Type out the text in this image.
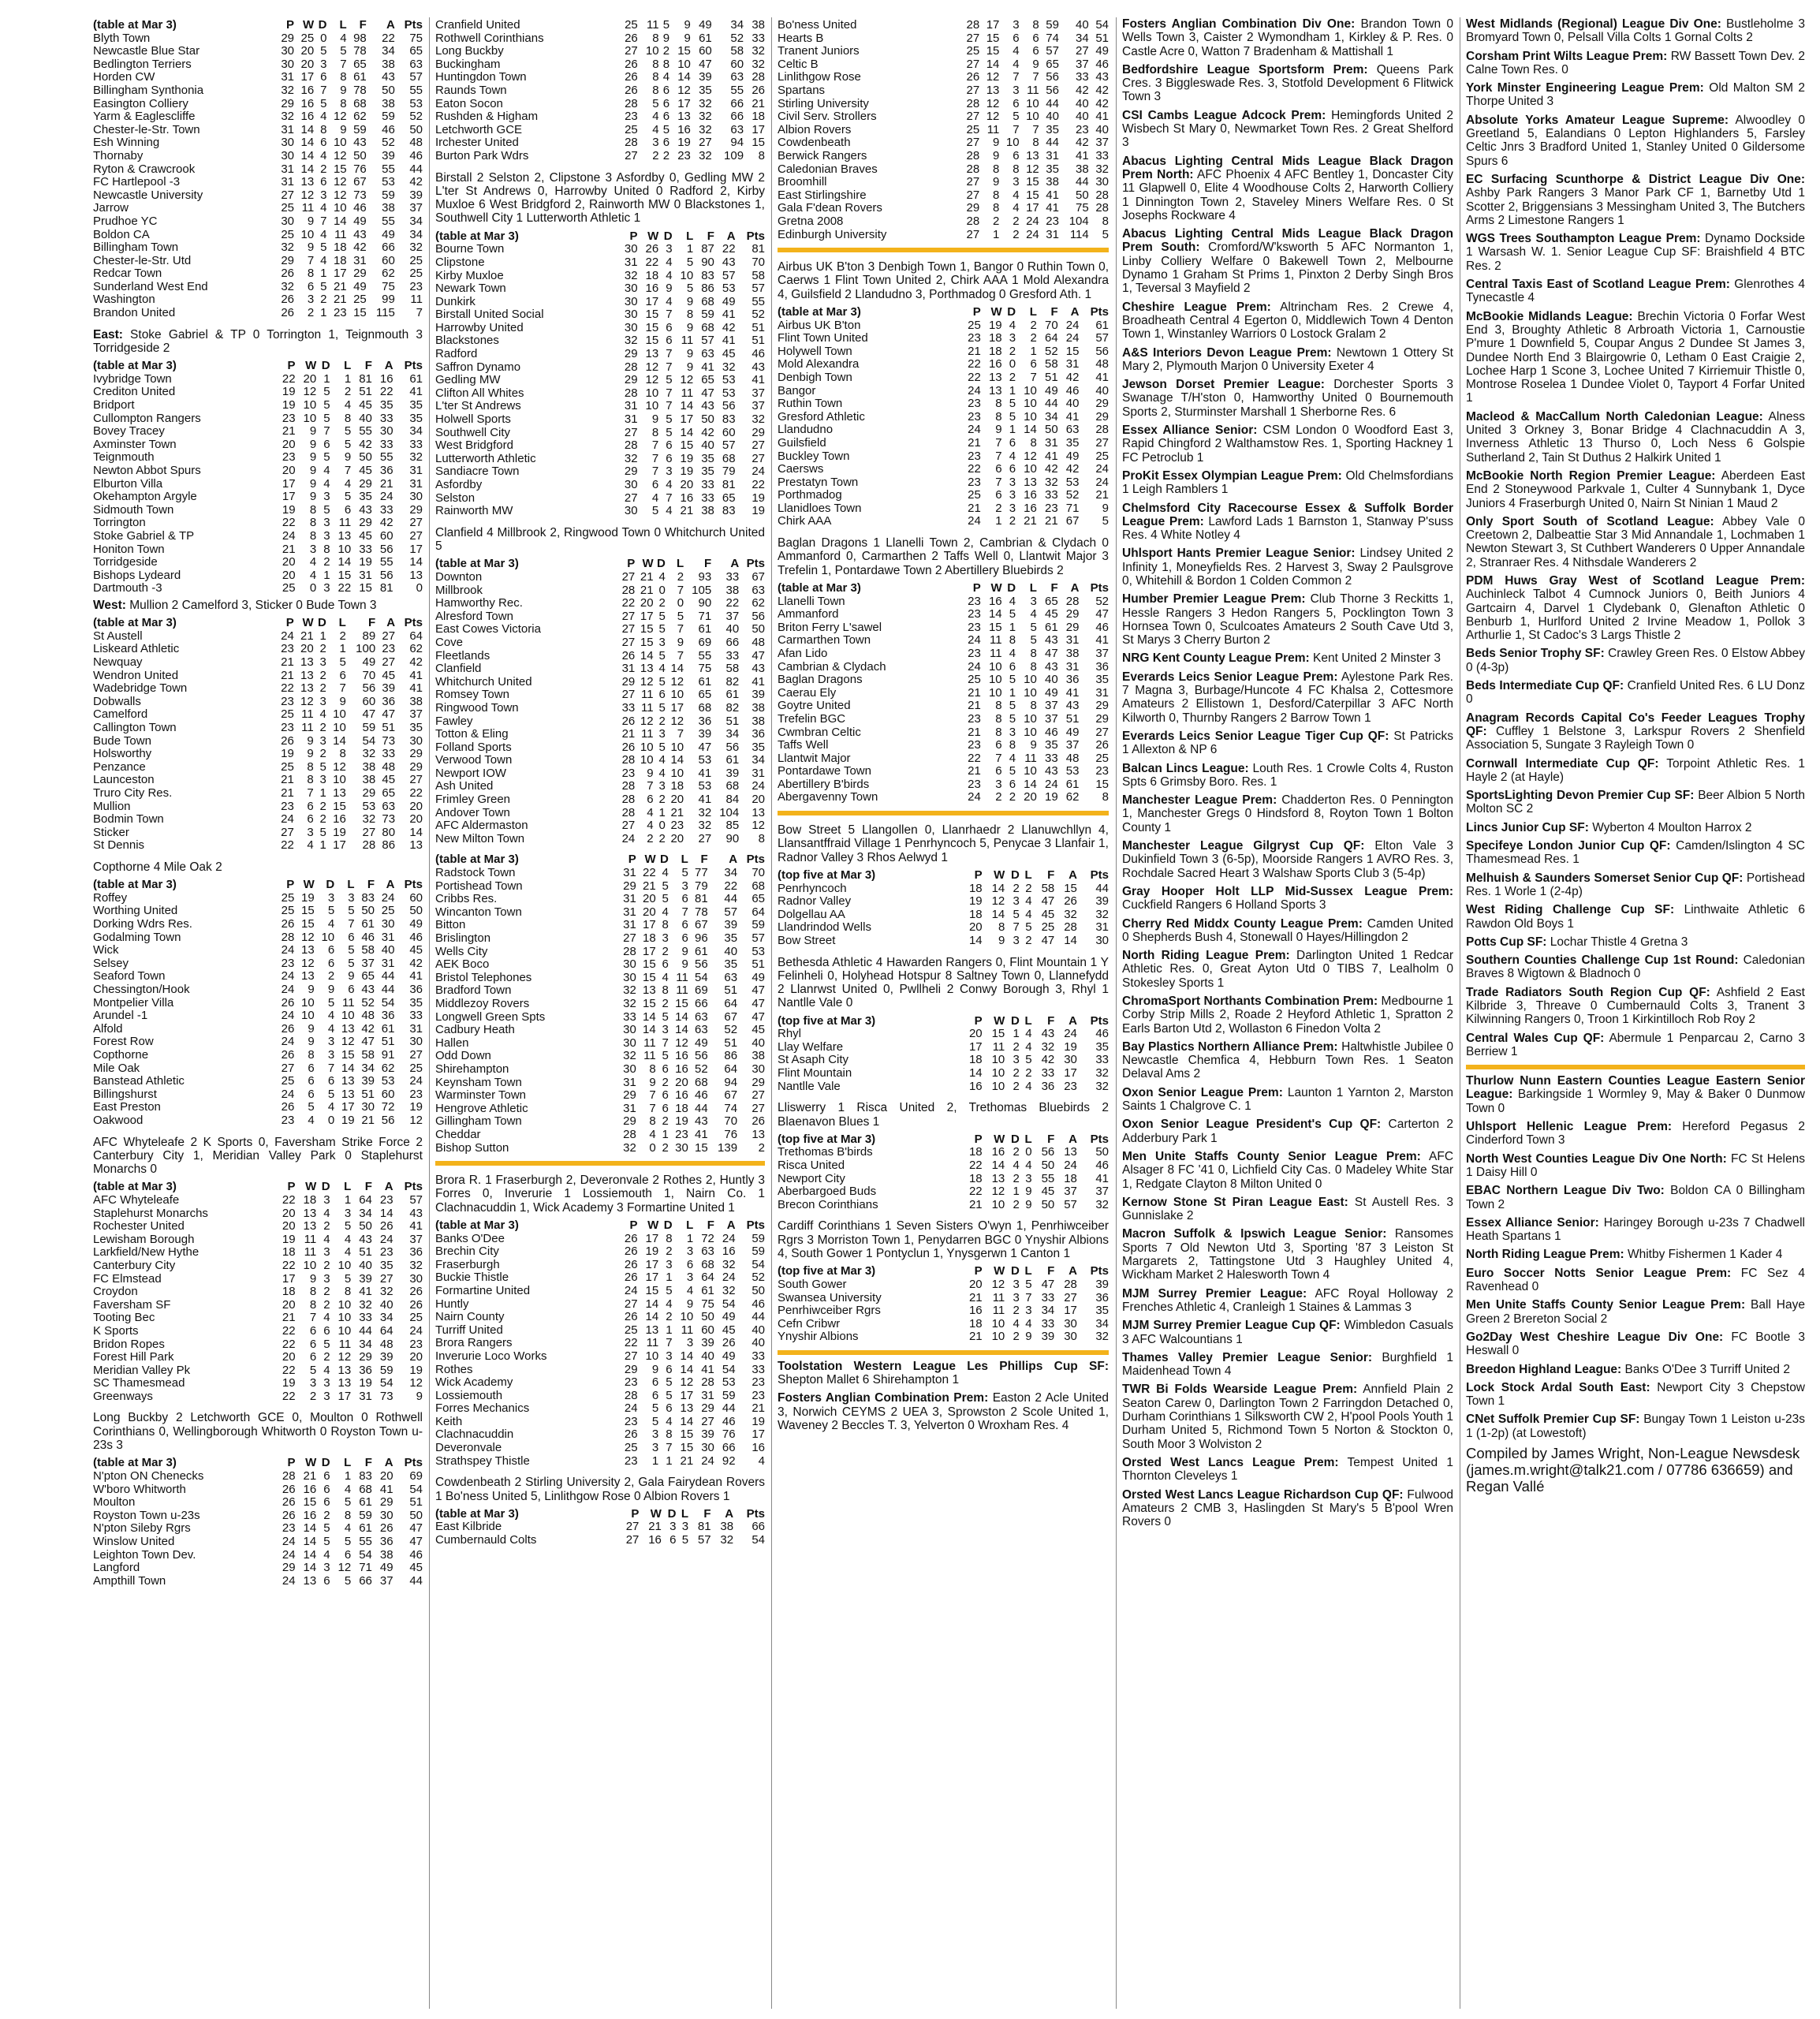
(table at Mar 3)	P	W	D	L	F	A	Pts
Blyth Town	29	25	0	4	98	22	75
Newcastle Blue Star	30	20	5	5	78	34	65
Bedlington Terriers	30	20	3	7	65	38	63
Horden CW	31	17	6	8	61	43	57
Billingham Synthonia	32	16	7	9	78	50	55
Easington Colliery	29	16	5	8	68	38	53
Yarm & Eaglescliffe	32	16	4	12	62	59	52
Chester-le-Str. Town	31	14	8	9	59	46	50
Esh Winning	30	14	6	10	43	52	48
Thornaby	30	14	4	12	50	39	46
Ryton & Crawcrook	31	14	2	15	76	55	44
FC Hartlepool -3	31	13	6	12	67	53	42
Newcastle University	27	12	3	12	73	59	39
Jarrow	25	11	4	10	46	38	37
Prudhoe YC	30	9	7	14	49	55	34
Boldon CA	25	10	4	11	43	49	34
Billingham Town	32	9	5	18	42	66	32
Chester-le-Str. Utd	29	7	4	18	31	60	25
Redcar Town	26	8	1	17	29	62	25
Sunderland West End	32	6	5	21	49	75	23
Washington	26	3	2	21	25	99	11
Brandon United	26	2	1	23	15	115	7
East: Stoke Gabriel & TP 0 Torrington 1, Teignmouth 3 Torridgeside 2
(table at Mar 3)	P	W	D	L	F	A	Pts
Ivybridge Town	22	20	1	1	81	16	61
Crediton United	19	12	5	2	51	22	41
Bridport	19	10	5	4	45	35	35
Cullompton Rangers	23	10	5	8	40	33	35
Bovey Tracey	21	9	7	5	55	30	34
Axminster Town	20	9	6	5	42	33	33
Teignmouth	23	9	5	9	50	55	32
Newton Abbot Spurs	20	9	4	7	45	36	31
Elburton Villa	17	9	4	4	29	21	31
Okehampton Argyle	17	9	3	5	35	24	30
Sidmouth Town	19	8	5	6	43	33	29
Torrington	22	8	3	11	29	42	27
Stoke Gabriel & TP	24	8	3	13	45	60	27
Honiton Town	21	3	8	10	33	56	17
Torridgeside	20	4	2	14	19	55	14
Bishops Lydeard	20	4	1	15	31	56	13
Dartmouth -3	25	0	3	22	15	81	0
West: Mullion 2 Camelford 3, Sticker 0 Bude Town 3
(table at Mar 3)	P	W	D	L	F	A	Pts
St Austell	24	21	1	2	89	27	64
Liskeard Athletic	23	20	2	1	100	23	62
Newquay	21	13	3	5	49	27	42
Wendron United	21	13	2	6	70	45	41
Wadebridge Town	22	13	2	7	56	39	41
Dobwalls	23	12	3	9	60	36	38
Camelford	25	11	4	10	47	47	37
Callington Town	23	11	2	10	59	51	35
Bude Town	26	9	3	14	54	73	30
Holsworthy	19	9	2	8	32	33	29
Penzance	25	8	5	12	38	48	29
Launceston	21	8	3	10	38	45	27
Truro City Res.	21	7	1	13	29	65	22
Mullion	23	6	2	15	53	63	20
Bodmin Town	24	6	2	16	32	73	20
Sticker	27	3	5	19	27	80	14
St Dennis	22	4	1	17	28	86	13
Copthorne 4 Mile Oak 2
(table at Mar 3)	P	W	D	L	F	A	Pts
Roffey	25	19	3	3	83	24	60
Worthing United	25	15	5	5	50	25	50
Dorking Wdrs Res.	26	15	4	7	61	30	49
Godalming Town	28	12	10	6	46	31	46
Wick	24	13	6	5	58	40	45
Selsey	23	12	6	5	37	31	42
Seaford Town	24	13	2	9	65	44	41
Chessington/Hook	24	9	9	6	43	44	36
Montpelier Villa	26	10	5	11	52	54	35
Arundel -1	24	10	4	10	48	36	33
Alfold	26	9	4	13	42	61	31
Forest Row	24	9	3	12	47	51	30
Copthorne	26	8	3	15	58	91	27
Mile Oak	27	6	7	14	34	62	25
Banstead Athletic	25	6	6	13	39	53	24
Billingshurst	24	6	5	13	51	60	23
East Preston	26	5	4	17	30	72	19
Oakwood	23	4	0	19	21	56	12
AFC Whyteleafe 2 K Sports 0, Faversham Strike Force 2 Canterbury City 1, Meridian Valley Park 0 Staplehurst Monarchs 0
(table at Mar 3)	P	W	D	L	F	A	Pts
AFC Whyteleafe	22	18	3	1	64	23	57
Staplehurst Monarchs	20	13	4	3	34	14	43
Rochester United	20	13	2	5	50	26	41
Lewisham Borough	19	11	4	4	43	24	37
Larkfield/New Hythe	18	11	3	4	51	23	36
Canterbury City	22	10	2	10	40	35	32
FC Elmstead	17	9	3	5	39	27	30
Croydon	18	8	2	8	41	32	26
Faversham SF	20	8	2	10	32	40	26
Tooting Bec	21	7	4	10	33	34	25
K Sports	22	6	6	10	44	64	24
Bridon Ropes	22	6	5	11	34	48	23
Forest Hill Park	20	6	2	12	29	39	20
Meridian Valley Pk	22	5	4	13	36	59	19
SC Thamesmead	19	3	3	13	19	54	12
Greenways	22	2	3	17	31	73	9
Long Buckby 2 Letchworth GCE 0, Moulton 0 Rothwell Corinthians 0, Wellingborough Whitworth 0 Royston Town u-23s 3
(table at Mar 3)	P	W	D	L	F	A	Pts
N'pton ON Chenecks	28	21	6	1	83	20	69
W'boro Whitworth	26	16	6	4	68	41	54
Moulton	26	15	6	5	61	29	51
Royston Town u-23s	26	16	2	8	59	30	50
N'pton Sileby Rgrs	23	14	5	4	61	26	47
Winslow United	24	14	5	5	55	36	47
Leighton Town Dev.	24	14	4	6	54	38	46
Langford	29	14	3	12	71	49	45
Ampthill Town	24	13	6	5	66	37	44
Cranfield United	25	11	5	9	49	34	38
Rothwell Corinthians	26	8	9	9	61	52	33
Long Buckby	27	10	2	15	60	58	32
Buckingham	26	8	8	10	47	60	32
Huntingdon Town	26	8	4	14	39	63	28
Raunds Town	26	8	6	12	35	55	26
Eaton Socon	28	5	6	17	32	66	21
Rushden & Higham	23	4	6	13	32	66	18
Letchworth GCE	25	4	5	16	32	63	17
Irchester United	28	3	6	19	27	94	15
Burton Park Wdrs	27	2	2	23	32	109	8
Birstall 2 Selston 2, Clipstone 3 Asfordby 0, Gedling MW 2 L'ter St Andrews 0, Harrowby United 0 Radford 2, Kirby Muxloe 6 West Bridgford 2, Rainworth MW 0 Blackstones 1, Southwell City 1 Lutterworth Athletic 1
(table at Mar 3)	P	W	D	L	F	A	Pts
Bourne Town	30	26	3	1	87	22	81
Clipstone	31	22	4	5	90	43	70
Kirby Muxloe	32	18	4	10	83	57	58
Newark Town	30	16	9	5	86	53	57
Dunkirk	30	17	4	9	68	49	55
Birstall United Social	30	15	7	8	59	41	52
Harrowby United	30	15	6	9	68	42	51
Blackstones	32	15	6	11	57	41	51
Radford	29	13	7	9	63	45	46
Saffron Dynamo	28	12	7	9	41	32	43
Gedling MW	29	12	5	12	65	53	41
Clifton All Whites	28	10	7	11	47	53	37
L'ter St Andrews	31	10	7	14	43	56	37
Holwell Sports	31	9	5	17	50	83	32
Southwell City	27	8	5	14	42	60	29
West Bridgford	28	7	6	15	40	57	27
Lutterworth Athletic	32	7	6	19	35	68	27
Sandiacre Town	29	7	3	19	35	79	24
Asfordby	30	6	4	20	33	81	22
Selston	27	4	7	16	33	65	19
Rainworth MW	30	5	4	21	38	83	19
Clanfield 4 Millbrook 2, Ringwood Town 0 Whitchurch United 5
(table at Mar 3)	P	W	D	L	F	A	Pts
Downton	27	21	4	2	93	33	67
Millbrook	28	21	0	7	105	38	63
Hamworthy Rec.	22	20	2	0	90	22	62
Alresford Town	27	17	5	5	71	37	56
East Cowes Victoria	27	15	5	7	61	40	50
Cove	27	15	3	9	69	66	48
Fleetlands	26	14	5	7	55	33	47
Clanfield	31	13	4	14	75	58	43
Whitchurch United	29	12	5	12	61	82	41
Romsey Town	27	11	6	10	65	61	39
Ringwood Town	33	11	5	17	68	82	38
Fawley	26	12	2	12	36	51	38
Totton & Eling	21	11	3	7	39	34	36
Folland Sports	26	10	5	10	47	56	35
Verwood Town	28	10	4	14	53	61	34
Newport IOW	23	9	4	10	41	39	31
Ash United	28	7	3	18	53	68	24
Frimley Green	28	6	2	20	41	84	20
Andover Town	28	4	1	21	32	104	13
AFC Aldermaston	27	4	0	23	32	85	12
New Milton Town	24	2	2	20	27	90	8
(table at Mar 3)	P	W	D	L	F	A	Pts
Radstock Town	31	22	4	5	77	34	70
Portishead Town	29	21	5	3	79	22	68
Cribbs Res.	31	20	5	6	81	44	65
Wincanton Town	31	20	4	7	78	57	64
Bitton	31	17	8	6	67	39	59
Brislington	27	18	3	6	96	35	57
Wells City	28	17	2	9	61	40	53
AEK Boco	30	15	6	9	56	35	51
Bristol Telephones	30	15	4	11	54	63	49
Bradford Town	32	13	8	11	69	51	47
Middlezoy Rovers	32	15	2	15	66	64	47
Longwell Green Spts	33	14	5	14	63	67	47
Cadbury Heath	30	14	3	14	63	52	45
Hallen	30	11	7	12	49	51	40
Odd Down	32	11	5	16	56	86	38
Shirehampton	30	8	6	16	52	64	30
Keynsham Town	31	9	2	20	68	94	29
Warminster Town	29	7	6	16	46	67	27
Hengrove Athletic	31	7	6	18	44	74	27
Gillingham Town	29	8	2	19	43	70	26
Cheddar	28	4	1	23	41	76	13
Bishop Sutton	32	0	2	30	15	139	2
Brora R. 1 Fraserburgh 2, Deveronvale 2 Rothes 2, Huntly 3 Forres 0, Inverurie 1 Lossiemouth 1, Nairn Co. 1 Clachnacuddin 1, Wick Academy 3 Formartine United 1
(table at Mar 3)	P	W	D	L	F	A	Pts
Banks O'Dee	26	17	8	1	72	24	59
Brechin City	26	19	2	3	63	16	59
Fraserburgh	26	17	3	6	68	32	54
Buckie Thistle	26	17	1	3	64	24	52
Formartine United	24	15	5	4	61	32	50
Huntly	27	14	4	9	75	54	46
Nairn County	26	14	2	10	50	49	44
Turriff United	25	13	1	11	60	45	40
Brora Rangers	22	11	7	3	39	26	40
Inverurie Loco Works	27	10	3	14	40	49	33
Rothes	29	9	6	14	41	54	33
Wick Academy	23	6	5	12	28	53	23
Lossiemouth	28	6	5	17	31	59	23
Forres Mechanics	24	5	6	13	29	44	21
Keith	23	5	4	14	27	46	19
Clachnacuddin	26	3	8	15	39	76	17
Deveronvale	25	3	7	15	30	66	16
Strathspey Thistle	23	1	1	21	24	92	4
Cowdenbeath 2 Stirling University 2, Gala Fairydean Rovers 1 Bo'ness United 5, Linlithgow Rose 0 Albion Rovers 1
(table at Mar 3)	P	W	D	L	F	A	Pts
East Kilbride	27	21	3	3	81	38	66
Cumbernauld Colts	27	16	6	5	57	32	54
Bo'ness United	28	17	3	8	59	40	54
Hearts B	27	15	6	6	74	34	51
Tranent Juniors	25	15	4	6	57	27	49
Celtic B	27	14	4	9	65	37	46
Linlithgow Rose	26	12	7	7	56	33	43
Spartans	27	13	3	11	56	42	42
Stirling University	28	12	6	10	44	40	42
Civil Serv. Strollers	27	12	5	10	40	40	41
Albion Rovers	25	11	7	7	35	23	40
Cowdenbeath	27	9	10	8	44	42	37
Berwick Rangers	28	9	6	13	31	41	33
Caledonian Braves	28	8	8	12	35	38	32
Broomhill	27	9	3	15	38	44	30
East Stirlingshire	27	8	4	15	41	50	28
Gala F'dean Rovers	29	8	4	17	41	75	28
Gretna 2008	28	2	2	24	23	104	8
Edinburgh University	27	1	2	24	31	114	5
Airbus UK B'ton 3 Denbigh Town 1, Bangor 0 Ruthin Town 0, Caerws 1 Flint Town United 2, Chirk AAA 1 Mold Alexandra 4, Guilsfield 2 Llandudno 3, Porthmadog 0 Gresford Ath. 1
(table at Mar 3)	P	W	D	L	F	A	Pts
Airbus UK B'ton	25	19	4	2	70	24	61
Flint Town United	23	18	3	2	64	24	57
Holywell Town	21	18	2	1	52	15	56
Mold Alexandra	22	16	0	6	58	31	48
Denbigh Town	22	13	2	7	51	42	41
Bangor	24	13	1	10	49	46	40
Ruthin Town	23	8	5	10	44	40	29
Gresford Athletic	23	8	5	10	34	41	29
Llandudno	24	9	1	14	50	63	28
Guilsfield	21	7	6	8	31	35	27
Buckley Town	23	7	4	12	41	49	25
Caersws	22	6	6	10	42	42	24
Prestatyn Town	23	7	3	13	32	53	24
Porthmadog	25	6	3	16	33	52	21
Llanidloes Town	21	2	3	16	23	71	9
Chirk AAA	24	1	2	21	21	67	5
Baglan Dragons 1 Llanelli Town 2, Cambrian & Clydach 0 Ammanford 0, Carmarthen 2 Taffs Well 0, Llantwit Major 3 Trefelin 1, Pontardawe Town 2 Abertillery Bluebirds 2
(table at Mar 3)	P	W	D	L	F	A	Pts
Llanelli Town	23	16	4	3	65	28	52
Ammanford	23	14	5	4	45	29	47
Briton Ferry L'sawel	23	15	1	5	61	29	46
Carmarthen Town	24	11	8	5	43	31	41
Afan Lido	23	11	4	8	47	38	37
Cambrian & Clydach	24	10	6	8	43	31	36
Baglan Dragons	25	10	5	10	40	36	35
Caerau Ely	21	10	1	10	49	41	31
Goytre United	21	8	5	8	37	43	29
Trefelin BGC	23	8	5	10	37	51	29
Cwmbran Celtic	21	8	3	10	46	49	27
Taffs Well	23	6	8	9	35	37	26
Llantwit Major	22	7	4	11	33	48	25
Pontardawe Town	21	6	5	10	43	53	23
Abertillery B'birds	23	3	6	14	24	61	15
Abergavenny Town	24	2	2	20	19	62	8
Bow Street 5 Llangollen 0, Llanrhaedr 2 Llanuwchllyn 4, Llansantffraid Village 1 Penrhyncoch 5, Penycae 3 Llanfair 1, Radnor Valley 3 Rhos Aelwyd 1
(top five at Mar 3)	P	W	D	L	F	A	Pts
Penrhyncoch	18	14	2	2	58	15	44
Radnor Valley	19	12	3	4	47	26	39
Dolgellau AA	18	14	5	4	45	32	32
Llandrindod Wells	20	8	7	5	25	28	31
Bow Street	14	9	3	2	47	14	30
Bethesda Athletic 4 Hawarden Rangers 0, Flint Mountain 1 Y Felinheli 0, Holyhead Hotspur 8 Saltney Town 0, Llannefydd 2 Llanrwst United 0, Pwllheli 2 Conwy Borough 3, Rhyl 1 Nantlle Vale 0
(top five at Mar 3)	P	W	D	L	F	A	Pts
Rhyl	20	15	1	4	43	24	46
Llay Welfare	17	11	2	4	32	19	35
St Asaph City	18	10	3	5	42	30	33
Flint Mountain	14	10	2	2	33	17	32
Nantlle Vale	16	10	2	4	36	23	32
Lliswerry 1 Risca United 2, Trethomas Bluebirds 2 Blaenavon Blues 1
(top five at Mar 3)	P	W	D	L	F	A	Pts
Trethomas B'birds	18	16	2	0	56	13	50
Risca United	22	14	4	4	50	24	46
Newport City	18	13	2	3	55	18	41
Aberbargoed Buds	22	12	1	9	45	37	37
Brecon Corinthians	21	10	2	9	50	57	32
Cardiff Corinthians 1 Seven Sisters O'wyn 1, Penrhiwceiber Rgrs 3 Morriston Town 1, Penydarren BGC 0 Ynyshir Albions 4, South Gower 1 Pontyclun 1, Ynysgerwn 1 Canton 1
(top five at Mar 3)	P	W	D	L	F	A	Pts
South Gower	20	12	3	5	47	28	39
Swansea University	21	11	3	7	33	27	36
Penrhiwceiber Rgrs	16	11	2	3	34	17	35
Cefn Cribwr	18	10	4	4	33	30	34
Ynyshir Albions	21	10	2	9	39	30	32
Toolstation Western League Les Phillips Cup SF: Shepton Mallet 6 Shirehampton 1
Fosters Anglian Combination Prem: Easton 2 Acle United 3, Norwich CEYMS 2 UEA 3, Sprowston 2 Scole United 1, Waveney 2 Beccles T. 3, Yelverton 0 Wroxham Res. 4
Fosters Anglian Combination Div One: Brandon Town 0 Wells Town 3, Caister 2 Wymondham 1, Kirkley & P. Res. 0 Castle Acre 0, Watton 7 Bradenham & Mattishall 1
Bedfordshire League Sportsform Prem: Queens Park Cres. 3 Biggleswade Res. 3, Stotfold Development 6 Flitwick Town 3
CSI Cambs League Adcock Prem: Hemingfords United 2 Wisbech St Mary 0, Newmarket Town Res. 2 Great Shelford 3
Abacus Lighting Central Mids League Black Dragon Prem North: AFC Phoenix 4 AFC Bentley 1, Doncaster City 11 Glapwell 0, Elite 4 Woodhouse Colts 2, Harworth Colliery 1 Dinnington Town 2, Staveley Miners Welfare Res. 0 St Josephs Rockware 4
Abacus Lighting Central Mids League Black Dragon Prem South: Cromford/W'ksworth 5 AFC Normanton 1, Linby Colliery Welfare 0 Bakewell Town 2, Melbourne Dynamo 1 Graham St Prims 1, Pinxton 2 Derby Singh Bros 1, Teversal 3 Mayfield 2
Cheshire League Prem: Altrincham Res. 2 Crewe 4, Broadheath Central 4 Egerton 0, Middlewich Town 4 Denton Town 1, Winstanley Warriors 0 Lostock Gralam 2
A&S Interiors Devon League Prem: Newtown 1 Ottery St Mary 2, Plymouth Marjon 0 University Exeter 4
Jewson Dorset Premier League: Dorchester Sports 3 Swanage T/H'ston 0, Hamworthy United 0 Bournemouth Sports 2, Sturminster Marshall 1 Sherborne Res. 6
Essex Alliance Senior: CSM London 0 Woodford East 3, Rapid Chingford 2 Walthamstow Res. 1, Sporting Hackney 1 FC Petroclub 1
ProKit Essex Olympian League Prem: Old Chelmsfordians 1 Leigh Ramblers 1
Chelmsford City Racecourse Essex & Suffolk Border League Prem: Lawford Lads 1 Barnston 1, Stanway P'suss Res. 4 White Notley 4
Uhlsport Hants Premier League Senior: Lindsey United 2 Infinity 1, Moneyfields Res. 2 Harvest 3, Sway 2 Paulsgrove 0, Whitehill & Bordon 1 Colden Common 2
Humber Premier League Prem: Club Thorne 3 Reckitts 1, Hessle Rangers 3 Hedon Rangers 5, Pocklington Town 3 Hornsea Town 0, Sculcoates Amateurs 2 South Cave Utd 3, St Marys 3 Cherry Burton 2
NRG Kent County League Prem: Kent United 2 Minster 3
Everards Leics Senior League Prem: Aylestone Park Res. 7 Magna 3, Burbage/Huncote 4 FC Khalsa 2, Cottesmore Amateurs 2 Ellistown 1, Desford/Caterpillar 3 AFC North Kilworth 0, Thurnby Rangers 2 Barrow Town 1
Everards Leics Senior League Tiger Cup QF: St Patricks 1 Allexton & NP 6
Balcan Lincs League: Louth Res. 1 Crowle Colts 4, Ruston Spts 6 Grimsby Boro. Res. 1
Manchester League Prem: Chadderton Res. 0 Pennington 1, Manchester Gregs 0 Hindsford 8, Royton Town 1 Bolton County 1
Manchester League Gilgryst Cup QF: Elton Vale 3 Dukinfield Town 3 (6-5p), Moorside Rangers 1 AVRO Res. 3, Rochdale Sacred Heart 3 Walshaw Sports Club 3 (5-4p)
Gray Hooper Holt LLP Mid-Sussex League Prem: Cuckfield Rangers 6 Holland Sports 3
Cherry Red Middx County League Prem: Camden United 0 Shepherds Bush 4, Stonewall 0 Hayes/Hillingdon 2
North Riding League Prem: Darlington United 1 Redcar Athletic Res. 0, Great Ayton Utd 0 TIBS 7, Lealholm 0 Stokesley Sports 1
ChromaSport Northants Combination Prem: Medbourne 1 Corby Strip Mills 2, Roade 2 Heyford Athletic 1, Spratton 2 Earls Barton Utd 2, Wollaston 6 Finedon Volta 2
Bay Plastics Northern Alliance Prem: Haltwhistle Jubilee 0 Newcastle Chemfica 4, Hebburn Town Res. 1 Seaton Delaval Ams 2
Oxon Senior League Prem: Launton 1 Yarnton 2, Marston Saints 1 Chalgrove C. 1
Oxon Senior League President's Cup QF: Carterton 2 Adderbury Park 1
Men Unite Staffs County Senior League Prem: AFC Alsager 8 FC '41 0, Lichfield City Cas. 0 Madeley White Star 1, Redgate Clayton 8 Milton United 0
Kernow Stone St Piran League East: St Austell Res. 3 Gunnislake 2
Macron Suffolk & Ipswich League Senior: Ransomes Sports 7 Old Newton Utd 3, Sporting '87 3 Leiston St Margarets 2, Tattingstone Utd 3 Haughley United 4, Wickham Market 2 Halesworth Town 4
MJM Surrey Premier League: AFC Royal Holloway 2 Frenches Athletic 4, Cranleigh 1 Staines & Lammas 3
MJM Surrey Premier League Cup QF: Wimbledon Casuals 3 AFC Walcountians 1
Thames Valley Premier League Senior: Burghfield 1 Maidenhead Town 4
TWR Bi Folds Wearside League Prem: Annfield Plain 2 Seaton Carew 0, Darlington Town 2 Farringdon Detached 0, Durham Corinthians 1 Silksworth CW 2, H'pool Pools Youth 1 Durham United 5, Richmond Town 5 Norton & Stockton 0, South Moor 3 Wolviston 2
Orsted West Lancs League Prem: Tempest United 1 Thornton Cleveleys 1
Orsted West Lancs League Richardson Cup QF: Fulwood Amateurs 2 CMB 3, Haslingden St Mary's 5 B'pool Wren Rovers 0
West Midlands (Regional) League Div One: Bustleholme 3 Bromyard Town 0, Pelsall Villa Colts 1 Gornal Colts 2
Corsham Print Wilts League Prem: RW Bassett Town Dev. 2 Calne Town Res. 0
York Minster Engineering League Prem: Old Malton SM 2 Thorpe United 3
Absolute Yorks Amateur League Supreme: Alwoodley 0 Greetland 5, Ealandians 0 Lepton Highlanders 5, Farsley Celtic Jnrs 3 Bradford United 1, Stanley United 0 Gildersome Spurs 6
EC Surfacing Scunthorpe & District League Div One: Ashby Park Rangers 3 Manor Park CF 1, Barnetby Utd 1 Scotter 2, Briggensians 3 Messingham United 3, The Butchers Arms 2 Limestone Rangers 1
WGS Trees Southampton League Prem: Dynamo Dockside 1 Warsash W. 1. Senior League Cup SF: Braishfield 4 BTC Res. 2
Central Taxis East of Scotland League Prem: Glenrothes 4 Tynecastle 4
McBookie Midlands League: Brechin Victoria 0 Forfar West End 3, Broughty Athletic 8 Arbroath Victoria 1, Carnoustie P'mure 1 Downfield 5, Coupar Angus 2 Dundee St James 3, Dundee North End 3 Blairgowrie 0, Letham 0 East Craigie 2, Lochee Harp 1 Scone 3, Lochee United 7 Kirriemuir Thistle 0, Montrose Roselea 1 Dundee Violet 0, Tayport 4 Forfar United 1
Macleod & MacCallum North Caledonian League: Alness United 3 Orkney 3, Bonar Bridge 4 Clachnacuddin A 3, Inverness Athletic 13 Thurso 0, Loch Ness 6 Golspie Sutherland 2, Tain St Duthus 2 Halkirk United 1
McBookie North Region Premier League: Aberdeen East End 2 Stoneywood Parkvale 1, Culter 4 Sunnybank 1, Dyce Juniors 4 Fraserburgh United 0, Nairn St Ninian 1 Maud 2
Only Sport South of Scotland League: Abbey Vale 0 Creetown 2, Dalbeattie Star 3 Mid Annandale 1, Lochmaben 1 Newton Stewart 3, St Cuthbert Wanderers 0 Upper Annandale 2, Stranraer Res. 4 Nithsdale Wanderers 2
PDM Huws Gray West of Scotland League Prem: Auchinleck Talbot 4 Cumnock Juniors 0, Beith Juniors 4 Gartcairn 4, Darvel 1 Clydebank 0, Glenafton Athletic 0 Benburb 1, Hurlford United 2 Irvine Meadow 1, Pollok 3 Arthurlie 1, St Cadoc's 3 Largs Thistle 2
Beds Senior Trophy SF: Crawley Green Res. 0 Elstow Abbey 0 (4-3p)
Beds Intermediate Cup QF: Cranfield United Res. 6 LU Donz 0
Anagram Records Capital Co's Feeder Leagues Trophy QF: Cuffley 1 Belstone 3, Larkspur Rovers 2 Shenfield Association 5, Sungate 3 Rayleigh Town 0
Cornwall Intermediate Cup QF: Torpoint Athletic Res. 1 Hayle 2 (at Hayle)
SportsLighting Devon Premier Cup SF: Beer Albion 5 North Molton SC 2
Lincs Junior Cup SF: Wyberton 4 Moulton Harrox 2
Specifeye London Junior Cup QF: Camden/Islington 4 SC Thamesmead Res. 1
Melhuish & Saunders Somerset Senior Cup QF: Portishead Res. 1 Worle 1 (2-4p)
West Riding Challenge Cup SF: Linthwaite Athletic 6 Rawdon Old Boys 1
Potts Cup SF: Lochar Thistle 4 Gretna 3
Southern Counties Challenge Cup 1st Round: Caledonian Braves 8 Wigtown & Bladnoch 0
Trade Radiators South Region Cup QF: Ashfield 2 East Kilbride 3, Threave 0 Cumbernauld Colts 3, Tranent 3 Kilwinning Rangers 0, Troon 1 Kirkintilloch Rob Roy 2
Central Wales Cup QF: Abermule 1 Penparcau 2, Carno 3 Berriew 1
Thurlow Nunn Eastern Counties League Eastern Senior League: Barkingside 1 Wormley 9, May & Baker 0 Dunmow Town 0
Uhlsport Hellenic League Prem: Hereford Pegasus 2 Cinderford Town 3
North West Counties League Div One North: FC St Helens 1 Daisy Hill 0
EBAC Northern League Div Two: Boldon CA 0 Billingham Town 2
Essex Alliance Senior: Haringey Borough u-23s 7 Chadwell Heath Spartans 1
North Riding League Prem: Whitby Fishermen 1 Kader 4
Euro Soccer Notts Senior League Prem: FC Sez 4 Ravenhead 0
Men Unite Staffs County Senior League Prem: Ball Haye Green 2 Brereton Social 2
Go2Day West Cheshire League Div One: FC Bootle 3 Heswall 0
Breedon Highland League: Banks O'Dee 3 Turriff United 2
Lock Stock Ardal South East: Newport City 3 Chepstow Town 1
CNet Suffolk Premier Cup SF: Bungay Town 1 Leiston u-23s 1 (1-2p) (at Lowestoft)
Compiled by James Wright, Non-League Newsdesk (james.m.wright@talk21.com / 07786 636659) and Regan Vallé
